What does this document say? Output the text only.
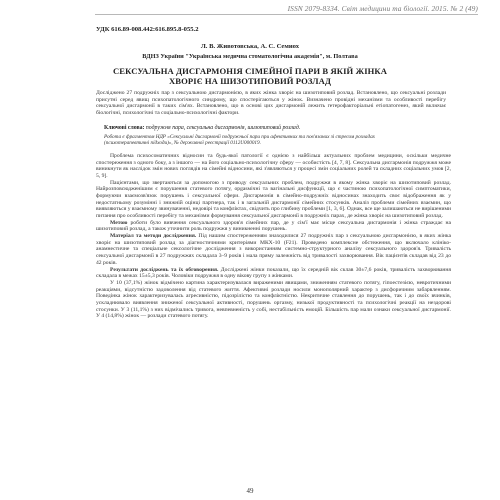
ISSN 2079-8334. Світ медицини та біології. 2015. № 2 (49)
УДК 616.89-008.442:616.895.8-055.2
Л. В. Животовська, А. С. Семиох
ВДНЗ України "Українська медична стоматологічна академія", м. Полтава
СЕКСУАЛЬНА ДИСГАРМОНІЯ СІМЕЙНОЇ ПАРИ В ЯКІЙ ЖІНКА ХВОРІЄ НА ШИЗОТИПОВИЙ РОЗЛАД
Досліджено 27 подружніх пар з сексуальною дисгармонією, в яких жінка хворіє на шизотиповий розлад. Встановлено, що сексуальні розлади присутні серед явищ психопатологічного синдрому, що спостерігаються у жінок. Визначено провідні механізми та особливості перебігу сексуальної дисгармонії в таких сім'ях. Встановлено, що в основі цих дисгармоній лежить гетерофакторіальні етіопатогенез, який включає біологічні, психологічні та соціально-психологічні фактори.
Ключові слова: подружня пара, сексуальна дисгармонія, шизотиповий розлад.
Робота є фрагментом НДР «Сексуальні дисгармонії подружньої пари при афективних та пов'язаних зі стресом розладах (психотерапевтичні підходи)», № державної реєстрації 0112U000019.

Проблема психосоматичних відносин та будь-якої патології є однією з найбільш актуальних проблем медицини, оскільки медичне спостереження з одного боку, а з іншого — на його соціально-психологічну сферу — особистість [4, 7, 8]. Сексуальна дисгармонія подружжя може виникнути як наслідок змін нових поглядів на сімейні відносини, які з'являються у процесі змін соціальних ролей та складних соціальних умов [2, 5, 9].

Пацієнтами, що звертаються за допомогою з приводу сексуальних проблем, подружжя в якому жінка хворіє на шизотиповий розлад. Найрозповсюдженішим є порушення статевого потягу, орgasмічні та вагінальні дисфункції, що є частиною психопатологічної симптоматики, формуючи взаємозв'язок порушень і сексуальної сфери. Дисгармонія в сімейно-подружніх відносинах знаходить своє відображення як у недостатньому розумінні і знижній оцінці партнера, так і в загальній дисгармонії сімейних стосунків. Аналіз проблеми сімейних взаємин, що виявляються у взаємному звинуваченні, недовірі та конфліктах, свідчить про глибину проблеми [1, 3, 6]. Однак, все ще залишаються не вирішеними питання про особливості перебігу та механізми формування сексуальної дисгармонії в подружніх парах, де жінка хворіє на шизотиповий розлад.

Метою роботи було вивчення сексуального здоров'я сімейних пар, де у сім'ї має місце сексуальна дисгармонія і жінка страждає на шизотиповий розлад, а також уточнити роль подружжя у виникненні порушень.

Матеріал та методи дослідження. Під нашим спостереженням знаходилися 27 подружніх пар з сексуальною дисгармонією, в яких жінка хворіє на шизотиповий розлад за діагностичними критеріями МКХ-10 (F21). Проведено комплексне обстеження, що включало клініко-анамнестичне та спеціальне сексологічне дослідження з використанням системно-структурного аналізу сексуального здоров'я. Тривалість сексуальної дисгармонії в 27 подружжях складала 3–9 років і мала пряму залежність від тривалості захворювання. Вік пацієнтів складав від 23 до 42 років.

Результати досліджень та їх обговорення. Досліджені жінки показали, що їх середній вік склав 30±7,6 років, тривалість захворювання складала в межах 15±5,3 років. Чоловіки подружжя в одну вікову групу з жінками.

У 10 (37,1%) жінок відмічено картина характеризувалася вираженими явищами, зниженням статевого потягу, гіпоестезією, невротичними реакціями, відсутністю задоволення від статевого життя. Афективні розлади носили монополярний характер з дисфоричним забарвленням. Поведінка жінок характеризувалась агресивністю, підозрілістю та конфліктністю. Некритичне ставлення до порушень, так і до своїх вчинків, ускладнювало виявлення зниженої сексуальної активності, порушень оргазму, низької продуктивності та психологічні реакції на нездорові стосунки. У 3 (11,1%) з них відмічались тривога, невпевненість у собі, нестабільність емоцій. Більшість пар мали ознаки сексуальної дисгармонії. У 4 (14,8%) жінок — розлади статевого потягу.

49
